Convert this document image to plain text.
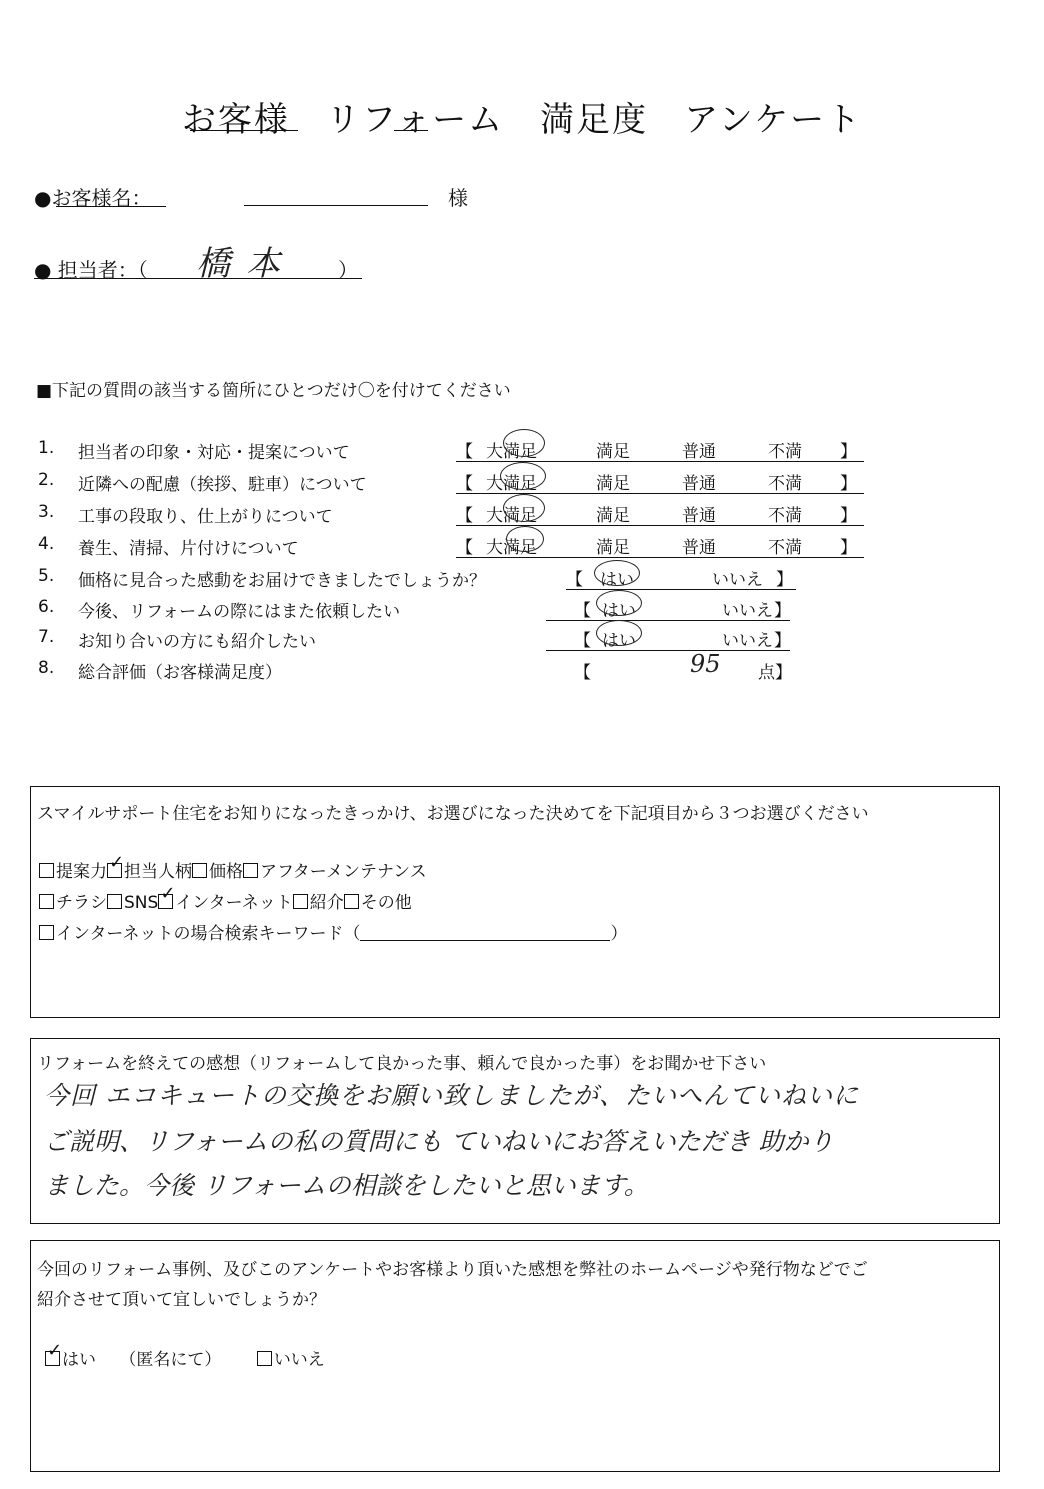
お客様　リフォーム　満足度　アンケート
●お客様名：	様
● 担当者：（ 橋本 ）
■下記の質問の該当する箇所にひとつだけ〇を付けてください
1.	担当者の印象・対応・提案について	【 大満足	満足	普通	不満 】
2.	近隣への配慮（挨拶、駐車）について	【 大満足	満足	普通	不満 】
3.	工事の段取り、仕上がりについて	【 大満足	満足	普通	不満 】
4.	養生、清掃、片付けについて	【 大満足	満足	普通	不満 】
5.	価格に見合った感動をお届けできましたでしょうか？	【 はい	いいえ 】
6.	今後、リフォームの際にはまた依頼したい	【 はい	いいえ 】
7.	お知り合いの方にも紹介したい	【 はい	いいえ 】
8.	総合評価（お客様満足度）	【	95 点】
スマイルサポート住宅をお知りになったきっかけ、お選びになった決めてを下記項目から３つお選びください
提案力 ✓ 担当人柄 価格 アフターメンテナンス
チラシ SNS ✓ インターネット 紹介 その他
インターネットの場合検索キーワード（	）
リフォームを終えての感想（リフォームして良かった事、頼んで良かった事）をお聞かせ下さい
今回 エコキュートの交換をお願い致しましたが、たいへんていねいに
ご説明、リフォームの私の質問にも ていねいにお答えいただき 助かり
ました。今後 リフォームの相談をしたいと思います。
今回のリフォーム事例、及びこのアンケートやお客様より頂いた感想を弊社のホームページや発行物などでご
紹介させて頂いて宜しいでしょうか？
✓はい （匿名にて）	いいえ
